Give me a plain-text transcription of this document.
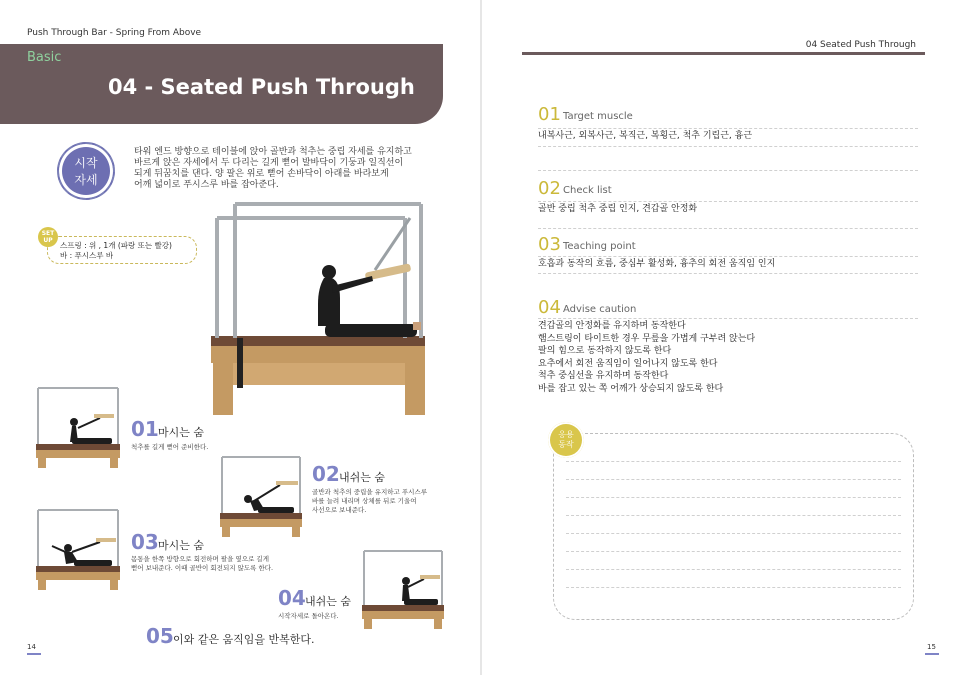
Push Through Bar - Spring From Above
Basic
04 - Seated Push Through
시작
자세
타워 엔드 방향으로 테이블에 앉아 골반과 척추는 중립 자세를 유지하고
바르게 앉은 자세에서 두 다리는 길게 뻗어 발바닥이 기둥과 일직선이
되게 뒤꿈치를 댄다. 양 팔은 위로 뻗어 손바닥이 아래를 바라보게
어깨 넓이로 푸시스루 바를 잡아준다.
스프링 : 위 , 1개 (파랑 또는 빨강)
바 : 푸시스루 바
SET
UP
01 마시는 숨
척추를 길게 뻗어 준비한다.
02 내쉬는 숨
골반과 척추의 중립을 유지하고 푸시스루
바를 늘려 내리며 상체를 뒤로 기울여
사선으로 보내준다.
03 마시는 숨
몸통을 한쪽 방향으로 회전하며 팔을 옆으로 길게
뻗어 보내준다. 이때 골반이 회전되지 않도록 한다.
04 내쉬는 숨
시작자세로 돌아온다.
05 이와 같은 움직임을 반복한다.
14
04 Seated Push Through
01 Target muscle
내복사근, 외복사근, 복직근, 복횡근, 척추 기립근, 흉근
02 Check list
골반 중립 척추 중립 인지, 견갑골 안정화
03 Teaching point
호흡과 동작의 흐름, 중심부 활성화, 흉추의 회전 움직임 인지
04 Advise caution
견갑골의 안정화를 유지하며 동작한다
햄스트링이 타이트한 경우 무릎을 가볍게 구부려 앉는다
팔의 힘으로 동작하지 않도록 한다
요추에서 회전 움직임이 일어나지 않도록 한다
척추 중심선을 유지하며 동작한다
바를 잡고 있는 쪽 어깨가 상승되지 않도록 한다
응용
동작
15
